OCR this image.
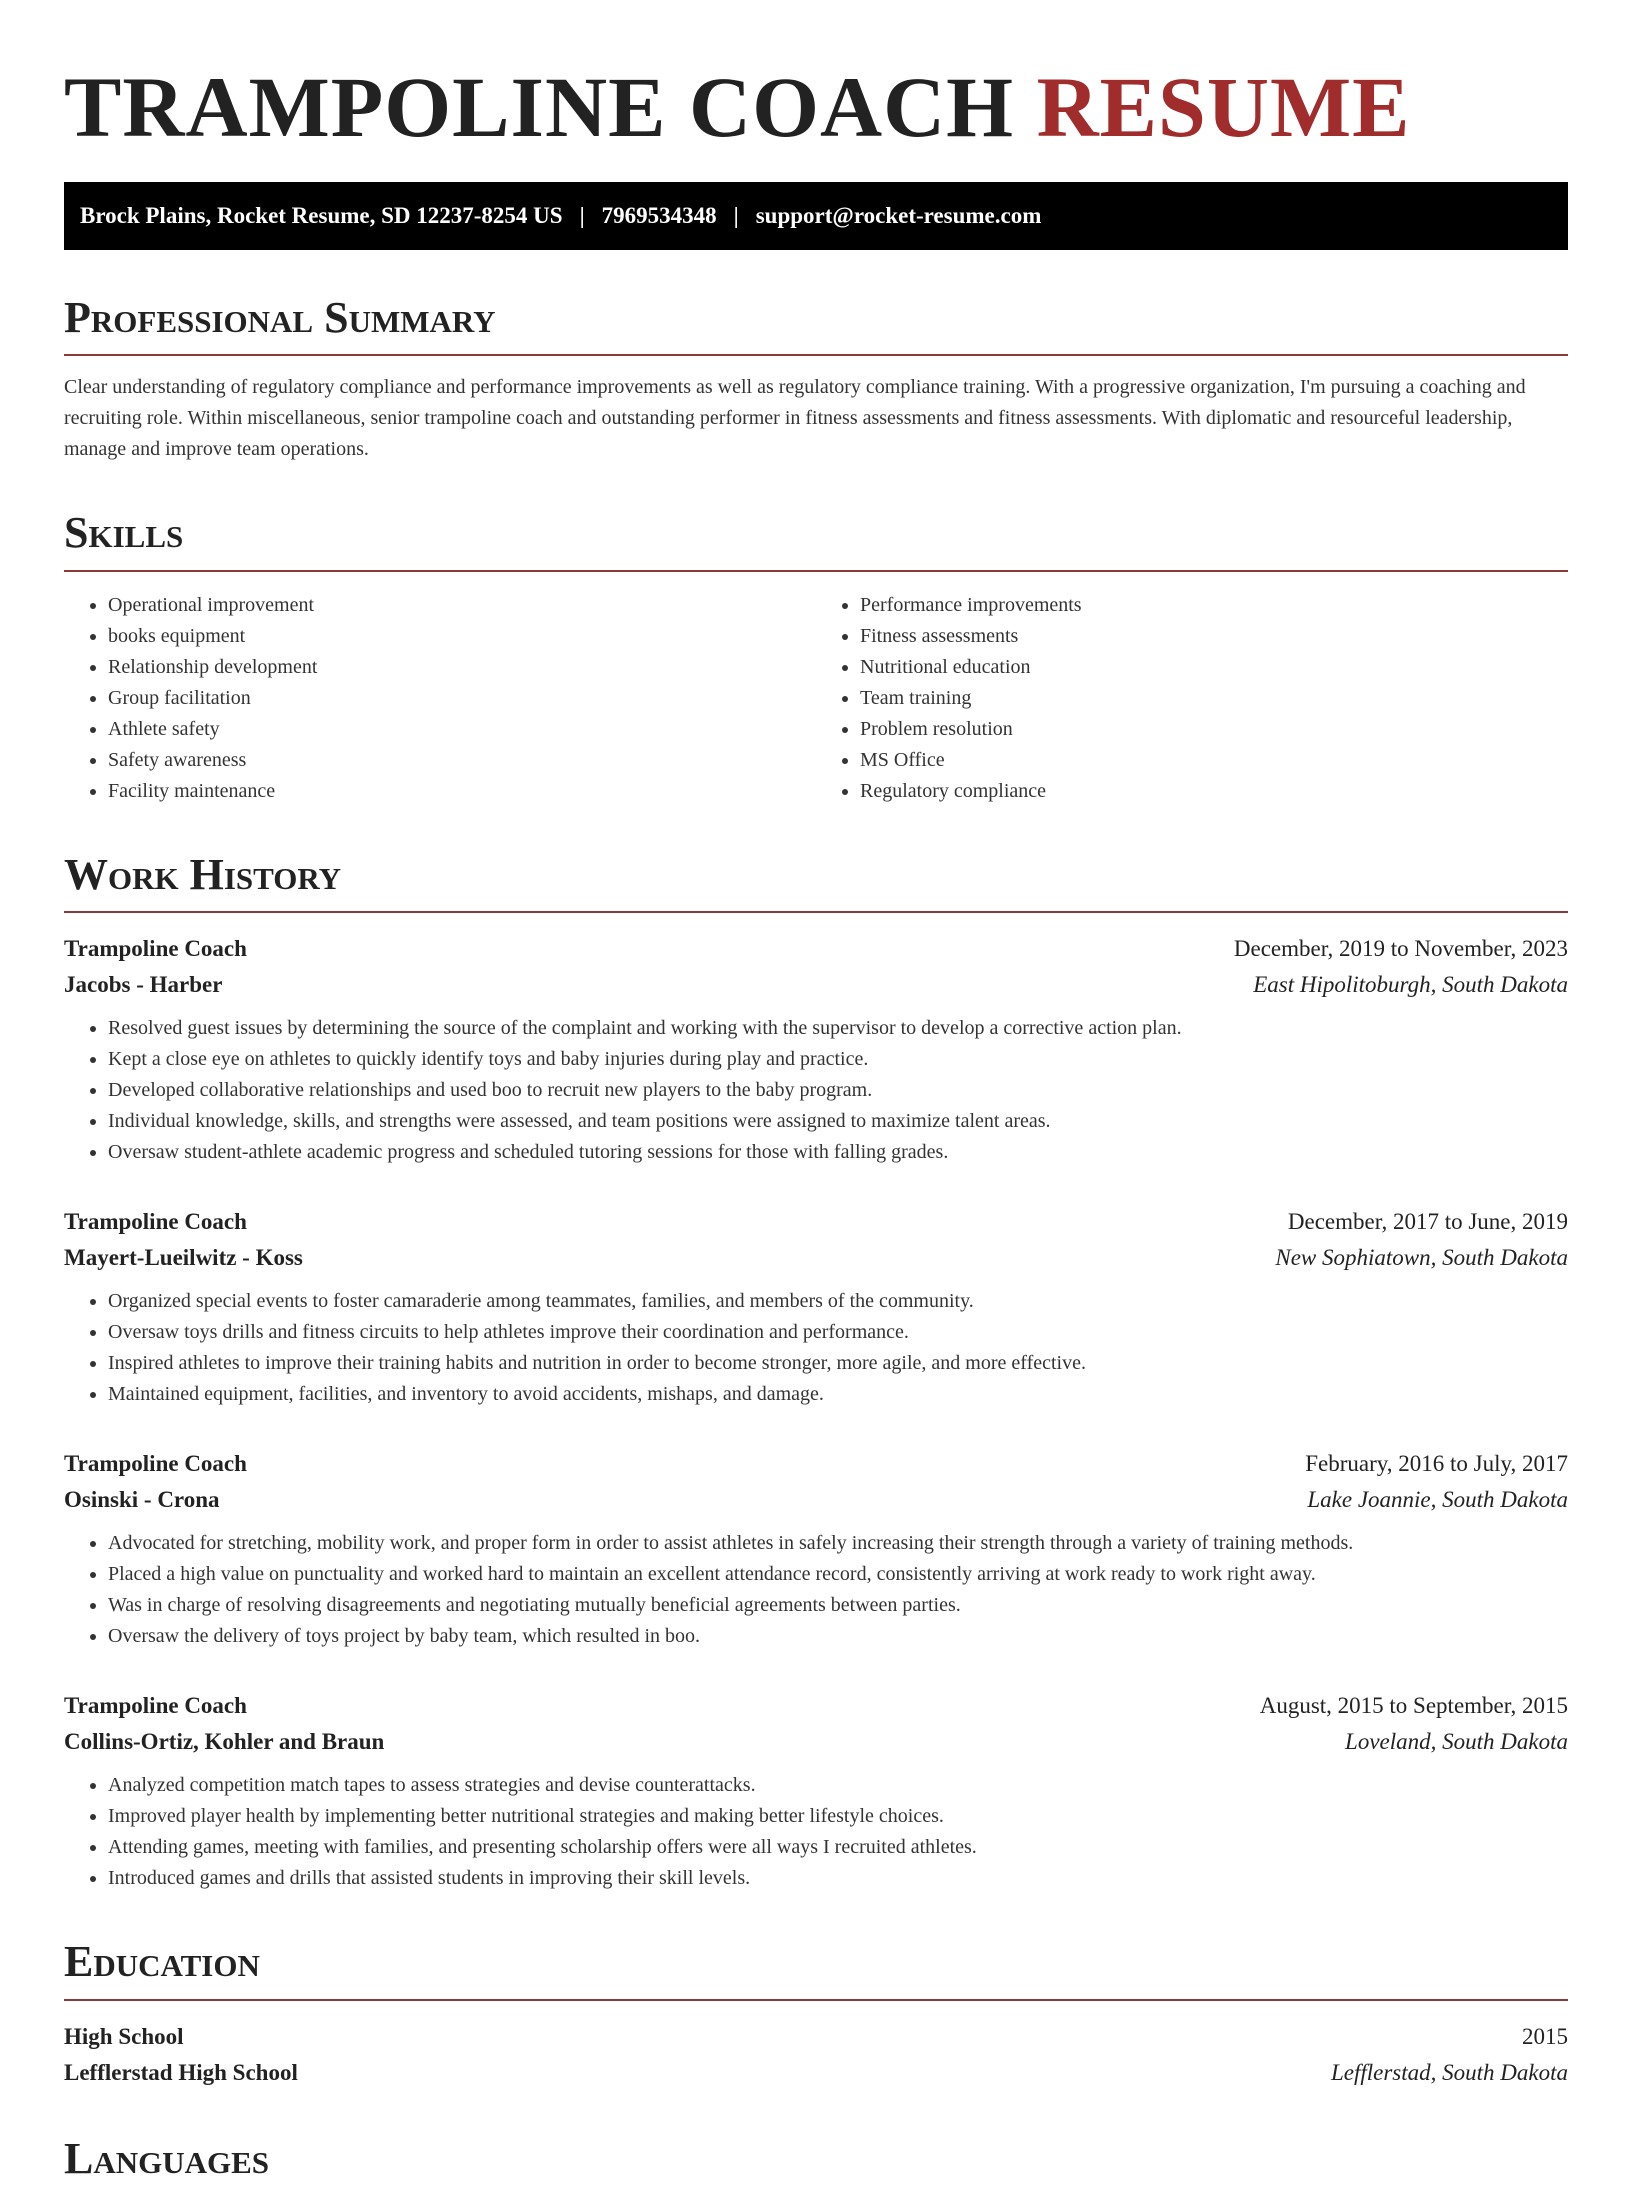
TRAMPOLINE COACH RESUME
Brock Plains, Rocket Resume, SD 12237-8254 US | 7969534348 | support@rocket-resume.com
Professional Summary

Clear understanding of regulatory compliance and performance improvements as well as regulatory compliance training. With a progressive organization, I'm pursuing a coaching and recruiting role. Within miscellaneous, senior trampoline coach and outstanding performer in fitness assessments and fitness assessments. With diplomatic and resourceful leadership, manage and improve team operations.

Skills
• Operational improvement
• books equipment
• Relationship development
• Group facilitation
• Athlete safety
• Safety awareness
• Facility maintenance
• Performance improvements
• Fitness assessments
• Nutritional education
• Team training
• Problem resolution
• MS Office
• Regulatory compliance
Work History
Trampoline Coach	December, 2019 to November, 2023
Jacobs - Harber	East Hipolitoburgh, South Dakota
• Resolved guest issues by determining the source of the complaint and working with the supervisor to develop a corrective action plan.
• Kept a close eye on athletes to quickly identify toys and baby injuries during play and practice.
• Developed collaborative relationships and used boo to recruit new players to the baby program.
• Individual knowledge, skills, and strengths were assessed, and team positions were assigned to maximize talent areas.
• Oversaw student-athlete academic progress and scheduled tutoring sessions for those with falling grades.
Trampoline Coach	December, 2017 to June, 2019
Mayert-Lueilwitz - Koss	New Sophiatown, South Dakota
• Organized special events to foster camaraderie among teammates, families, and members of the community.
• Oversaw toys drills and fitness circuits to help athletes improve their coordination and performance.
• Inspired athletes to improve their training habits and nutrition in order to become stronger, more agile, and more effective.
• Maintained equipment, facilities, and inventory to avoid accidents, mishaps, and damage.
Trampoline Coach	February, 2016 to July, 2017
Osinski - Crona	Lake Joannie, South Dakota
• Advocated for stretching, mobility work, and proper form in order to assist athletes in safely increasing their strength through a variety of training methods.
• Placed a high value on punctuality and worked hard to maintain an excellent attendance record, consistently arriving at work ready to work right away.
• Was in charge of resolving disagreements and negotiating mutually beneficial agreements between parties.
• Oversaw the delivery of toys project by baby team, which resulted in boo.
Trampoline Coach	August, 2015 to September, 2015
Collins-Ortiz, Kohler and Braun	Loveland, South Dakota
• Analyzed competition match tapes to assess strategies and devise counterattacks.
• Improved player health by implementing better nutritional strategies and making better lifestyle choices.
• Attending games, meeting with families, and presenting scholarship offers were all ways I recruited athletes.
• Introduced games and drills that assisted students in improving their skill levels.
Education
High School	2015
Lefflerstad High School	Lefflerstad, South Dakota
Languages
